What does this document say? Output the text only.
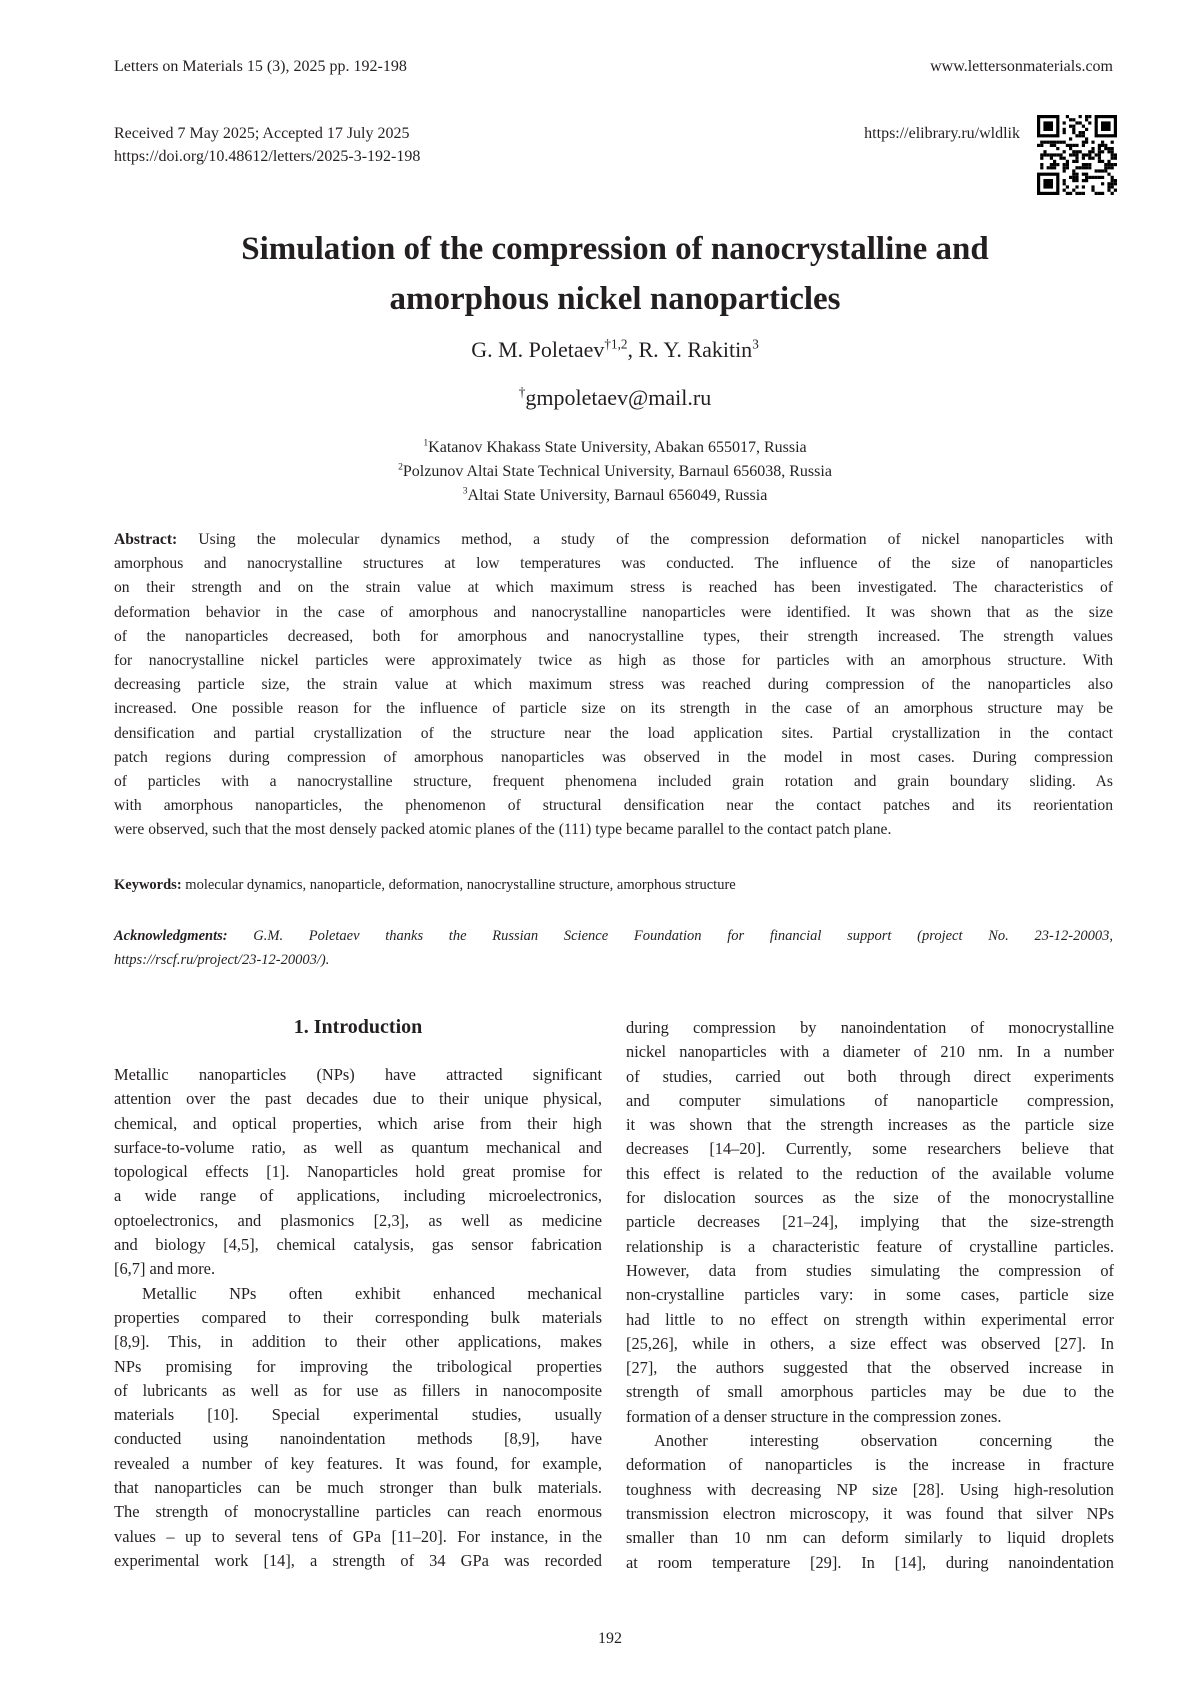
Letters on Materials 15 (3), 2025 pp. 192-198	www.lettersonmaterials.com
Received 7 May 2025; Accepted 17 July 2025
https://doi.org/10.48612/letters/2025-3-192-198
https://elibrary.ru/wldlik
Simulation of the compression of nanocrystalline and
amorphous nickel nanoparticles
G. M. Poletaev†1,2, R. Y. Rakitin3
†gmpoletaev@mail.ru
1Katanov Khakass State University, Abakan 655017, Russia
2Polzunov Altai State Technical University, Barnaul 656038, Russia
3Altai State University, Barnaul 656049, Russia
Abstract: Using the molecular dynamics method, a study of the compression deformation of nickel nanoparticles with
amorphous and nanocrystalline structures at low temperatures was conducted. The influence of the size of nanoparticles
on their strength and on the strain value at which maximum stress is reached has been investigated. The characteristics of
deformation behavior in the case of amorphous and nanocrystalline nanoparticles were identified. It was shown that as the size
of the nanoparticles decreased, both for amorphous and nanocrystalline types, their strength increased. The strength values
for nanocrystalline nickel particles were approximately twice as high as those for particles with an amorphous structure. With
decreasing particle size, the strain value at which maximum stress was reached during compression of the nanoparticles also
increased. One possible reason for the influence of particle size on its strength in the case of an amorphous structure may be
densification and partial crystallization of the structure near the load application sites. Partial crystallization in the contact
patch regions during compression of amorphous nanoparticles was observed in the model in most cases. During compression
of particles with a nanocrystalline structure, frequent phenomena included grain rotation and grain boundary sliding. As
with amorphous nanoparticles, the phenomenon of structural densification near the contact patches and its reorientation
were observed, such that the most densely packed atomic planes of the (111) type became parallel to the contact patch plane.
Keywords: molecular dynamics, nanoparticle, deformation, nanocrystalline structure, amorphous structure
Acknowledgments: G.M. Poletaev thanks the Russian Science Foundation for financial support (project No. 23-12-20003,
https://rscf.ru/project/23-12-20003/).
1. Introduction
Metallic nanoparticles (NPs) have attracted significant
attention over the past decades due to their unique physical,
chemical, and optical properties, which arise from their high
surface-to-volume ratio, as well as quantum mechanical and
topological effects [1]. Nanoparticles hold great promise for
a wide range of applications, including microelectronics,
optoelectronics, and plasmonics [2,3], as well as medicine
and biology [4,5], chemical catalysis, gas sensor fabrication
[6,7] and more.
Metallic NPs often exhibit enhanced mechanical
properties compared to their corresponding bulk materials
[8,9]. This, in addition to their other applications, makes
NPs promising for improving the tribological properties
of lubricants as well as for use as fillers in nanocomposite
materials [10]. Special experimental studies, usually
conducted using nanoindentation methods [8,9], have
revealed a number of key features. It was found, for example,
that nanoparticles can be much stronger than bulk materials.
The strength of monocrystalline particles can reach enormous
values – up to several tens of GPa [11–20]. For instance, in the
experimental work [14], a strength of 34 GPa was recorded
during compression by nanoindentation of monocrystalline
nickel nanoparticles with a diameter of 210 nm. In a number
of studies, carried out both through direct experiments
and computer simulations of nanoparticle compression,
it was shown that the strength increases as the particle size
decreases [14–20]. Currently, some researchers believe that
this effect is related to the reduction of the available volume
for dislocation sources as the size of the monocrystalline
particle decreases [21–24], implying that the size-strength
relationship is a characteristic feature of crystalline particles.
However, data from studies simulating the compression of
non-crystalline particles vary: in some cases, particle size
had little to no effect on strength within experimental error
[25,26], while in others, a size effect was observed [27]. In
[27], the authors suggested that the observed increase in
strength of small amorphous particles may be due to the
formation of a denser structure in the compression zones.
Another interesting observation concerning the
deformation of nanoparticles is the increase in fracture
toughness with decreasing NP size [28]. Using high-resolution
transmission electron microscopy, it was found that silver NPs
smaller than 10 nm can deform similarly to liquid droplets
at room temperature [29]. In [14], during nanoindentation
192
